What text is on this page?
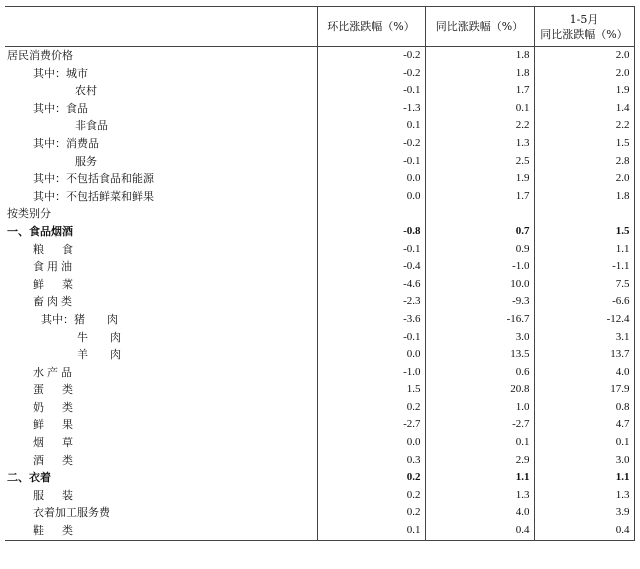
	环比涨跌幅（%）	同比涨跌幅（%）	1-5月
同比涨跌幅（%）
居民消费价格	-0.2	1.8	2.0
其中：城市	-0.2	1.8	2.0
农村	-0.1	1.7	1.9
其中：食品	-1.3	0.1	1.4
非食品	0.1	2.2	2.2
其中：消费品	-0.2	1.3	1.5
服务	-0.1	2.5	2.8
其中：不包括食品和能源	0.0	1.9	2.0
其中：不包括鲜菜和鲜果	0.0	1.7	1.8
按类别分			
一、食品烟酒	-0.8	0.7	1.5
粮食	-0.1	0.9	1.1
食用油	-0.4	-1.0	-1.1
鲜菜	-4.6	10.0	7.5
畜肉类	-2.3	-9.3	-6.6
其中：猪　　肉	-3.6	-16.7	-12.4
牛　　肉	-0.1	3.0	3.1
羊　　肉	0.0	13.5	13.7
水产品	-1.0	0.6	4.0
蛋类	1.5	20.8	17.9
奶类	0.2	1.0	0.8
鲜果	-2.7	-2.7	4.7
烟草	0.0	0.1	0.1
酒类	0.3	2.9	3.0
二、衣着	0.2	1.1	1.1
服装	0.2	1.3	1.3
衣着加工服务费	0.2	4.0	3.9
鞋类	0.1	0.4	0.4
